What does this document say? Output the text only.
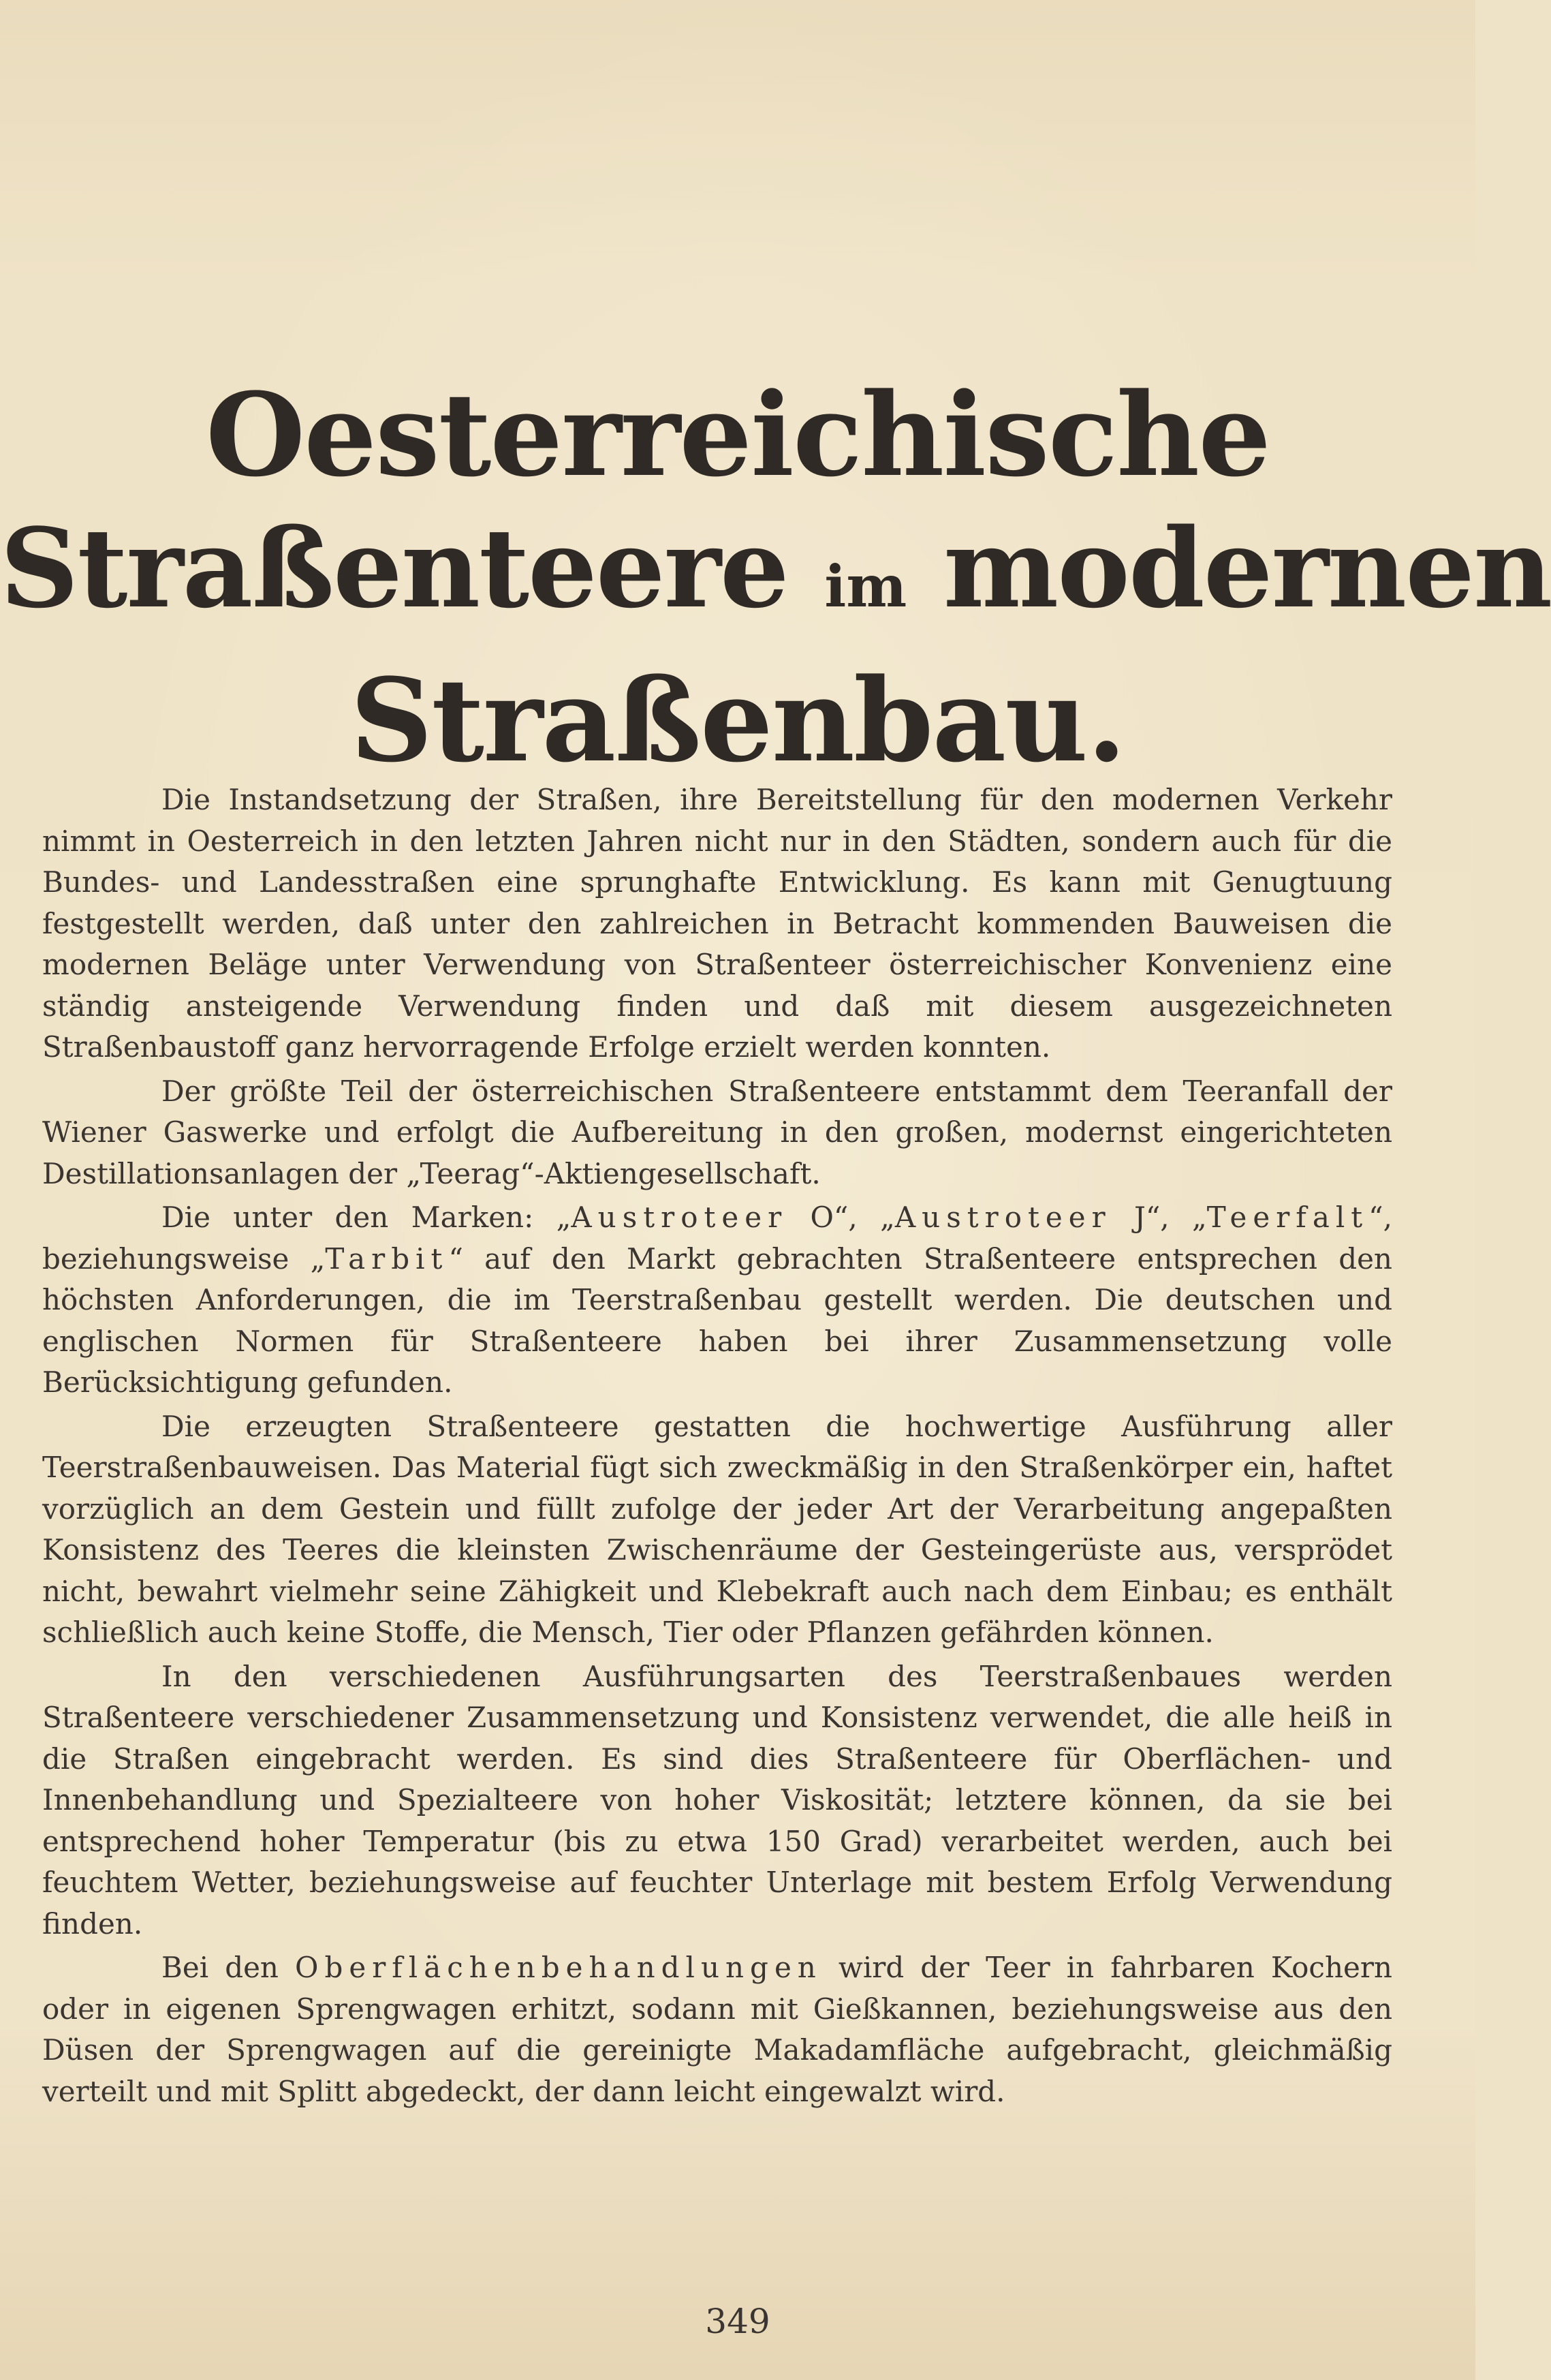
Oesterreichische
Straßenteere im modernen
Straßenbau.

Die Instandsetzung der Straßen, ihre Bereitstellung für den modernen Verkehr nimmt in Oesterreich in den letzten Jahren nicht nur in den Städten, sondern auch für die Bundes- und Landesstraßen eine sprunghafte Entwicklung. Es kann mit Genugtuung festgestellt werden, daß unter den zahlreichen in Betracht kommenden Bauweisen die modernen Beläge unter Verwendung von Straßenteer österreichischer Konvenienz eine ständig ansteigende Verwendung finden und daß mit diesem ausgezeichneten Straßenbaustoff ganz hervorragende Erfolge erzielt werden konnten.

Der größte Teil der österreichischen Straßenteere entstammt dem Teeranfall der Wiener Gaswerke und erfolgt die Aufbereitung in den großen, modernst eingerichteten Destillationsanlagen der „Teerag“-Aktiengesellschaft.

Die unter den Marken: „Austroteer O“, „Austroteer J“, „Teerfalt“, beziehungsweise „Tarbit“ auf den Markt gebrachten Straßenteere entsprechen den höchsten Anforderungen, die im Teerstraßenbau gestellt werden. Die deutschen und englischen Normen für Straßenteere haben bei ihrer Zusammensetzung volle Berücksichtigung gefunden.

Die erzeugten Straßenteere gestatten die hochwertige Ausführung aller Teerstraßenbauweisen. Das Material fügt sich zweckmäßig in den Straßenkörper ein, haftet vorzüglich an dem Gestein und füllt zufolge der jeder Art der Verarbeitung angepaßten Konsistenz des Teeres die kleinsten Zwischenräume der Gesteingerüste aus, versprödet nicht, bewahrt vielmehr seine Zähigkeit und Klebekraft auch nach dem Einbau; es enthält schließlich auch keine Stoffe, die Mensch, Tier oder Pflanzen gefährden können.

In den verschiedenen Ausführungsarten des Teerstraßenbaues werden Straßenteere verschiedener Zusammensetzung und Konsistenz verwendet, die alle heiß in die Straßen eingebracht werden. Es sind dies Straßenteere für Oberflächen- und Innenbehandlung und Spezialteere von hoher Viskosität; letztere können, da sie bei entsprechend hoher Temperatur (bis zu etwa 150 Grad) verarbeitet werden, auch bei feuchtem Wetter, beziehungsweise auf feuchter Unterlage mit bestem Erfolg Verwendung finden.

Bei den Oberflächenbehandlungen wird der Teer in fahrbaren Kochern oder in eigenen Sprengwagen erhitzt, sodann mit Gießkannen, beziehungsweise aus den Düsen der Sprengwagen auf die gereinigte Makadamfläche aufgebracht, gleichmäßig verteilt und mit Splitt abgedeckt, der dann leicht eingewalzt wird.

349
